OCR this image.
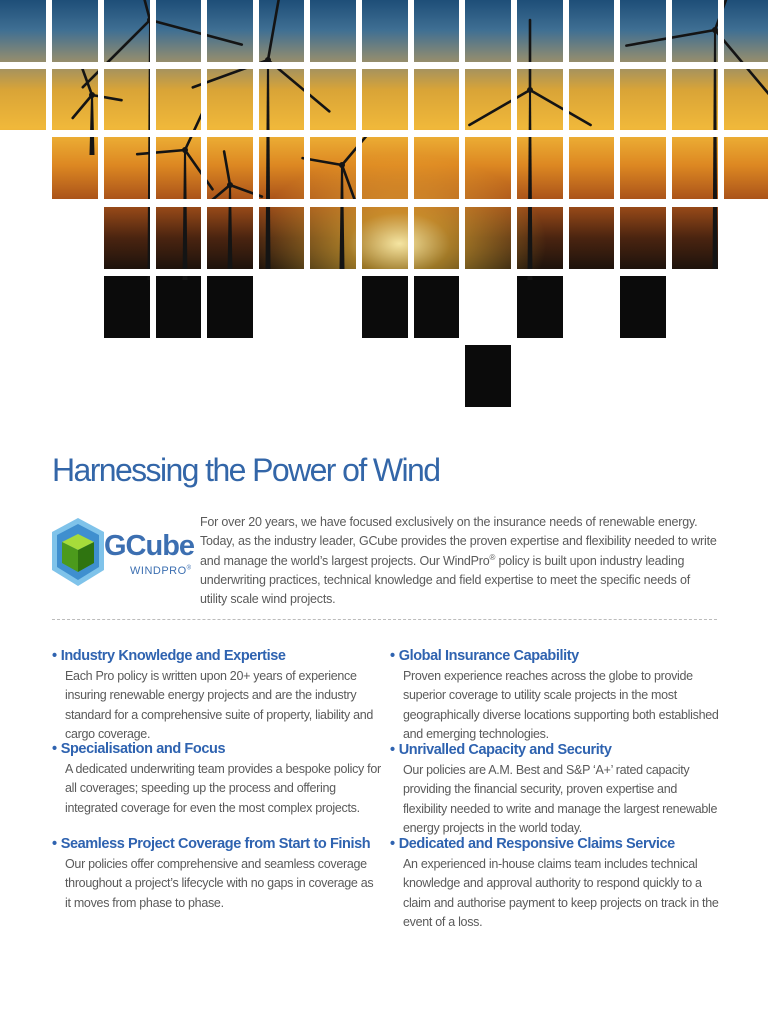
Harnessing the Power of Wind
GCube
WINDPRO®

For over 20 years, we have focused exclusively on the insurance needs of renewable energy. Today, as the industry leader, GCube provides the proven expertise and flexibility needed to write and manage the world’s largest projects. Our WindPro® policy is built upon industry leading underwriting practices, technical knowledge and field expertise to meet the specific needs of utility scale wind projects.

• Industry Knowledge and Expertise

Each Pro policy is written upon 20+ years of experience insuring renewable energy projects and are the industry standard for a comprehensive suite of property, liability and cargo coverage.

• Specialisation and Focus

A dedicated underwriting team provides a bespoke policy for all coverages; speeding up the process and offering integrated coverage for even the most complex projects.

• Seamless Project Coverage from Start to Finish

Our policies offer comprehensive and seamless coverage throughout a project’s lifecycle with no gaps in coverage as it moves from phase to phase.

• Global Insurance Capability

Proven experience reaches across the globe to provide superior coverage to utility scale projects in the most geographically diverse locations supporting both established and emerging technologies.

• Unrivalled Capacity and Security

Our policies are A.M. Best and S&P ‘A+’ rated capacity providing the financial security, proven expertise and flexibility needed to write and manage the largest renewable energy projects in the world today.

• Dedicated and Responsive Claims Service

An experienced in-house claims team includes technical knowledge and approval authority to respond quickly to a claim and authorise payment to keep projects on track in the event of a loss.
